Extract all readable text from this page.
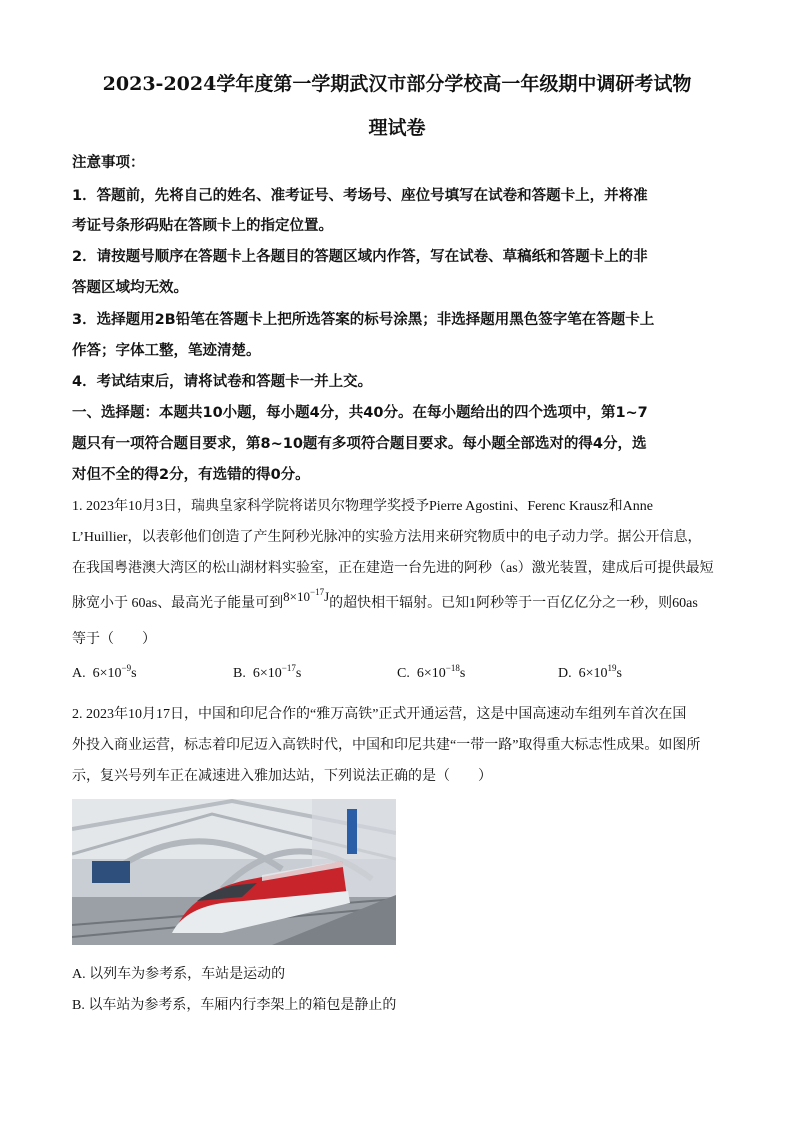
2023-2024学年度第一学期武汉市部分学校高一年级期中调研考试物
理试卷
注意事项：
1．答题前，先将自己的姓名、准考证号、考场号、座位号填写在试卷和答题卡上，并将准
考证号条形码贴在答顾卡上的指定位置。
2．请按题号顺序在答题卡上各题目的答题区域内作答，写在试卷、草稿纸和答题卡上的非
答题区域均无效。
3．选择题用2B铅笔在答题卡上把所选答案的标号涂黑；非选择题用黑色签字笔在答题卡上
作答；字体工整，笔迹清楚。
4．考试结束后，请将试卷和答题卡一并上交。
一、选择题：本题共10小题，每小题4分，共40分。在每小题给出的四个选项中，第1~7
题只有一项符合题目要求，第8~10题有多项符合题目要求。每小题全部选对的得4分，选
对但不全的得2分，有选错的得0分。
1. 2023年10月3日，瑞典皇家科学院将诺贝尔物理学奖授予Pierre Agostini、Ferenc Krausz和Anne
L’Huillier，以表彰他们创造了产生阿秒光脉冲的实验方法用来研究物质中的电子动力学。据公开信息，
在我国粤港澳大湾区的松山湖材料实验室，正在建造一台先进的阿秒（as）激光装置，建成后可提供最短
脉宽小于 60as、最高光子能量可到$8\times 10^{-17}J$的超快相干辐射。已知1阿秒等于一百亿亿分之一秒，则60as
等于（　　）
A. $6\times 10^{-9}s$	B. $6\times 10^{-17}s$	C. $6\times 10^{-18}s$	D. $6\times 10^{19}s$
2. 2023年10月17日，中国和印尼合作的“雅万高铁”正式开通运营，这是中国高速动车组列车首次在国
外投入商业运营，标志着印尼迈入高铁时代，中国和印尼共建“一带一路”取得重大标志性成果。如图所
示，复兴号列车正在减速进入雅加达站，下列说法正确的是（　　）
A. 以列车为参考系，车站是运动的
B. 以车站为参考系，车厢内行李架上的箱包是静止的
